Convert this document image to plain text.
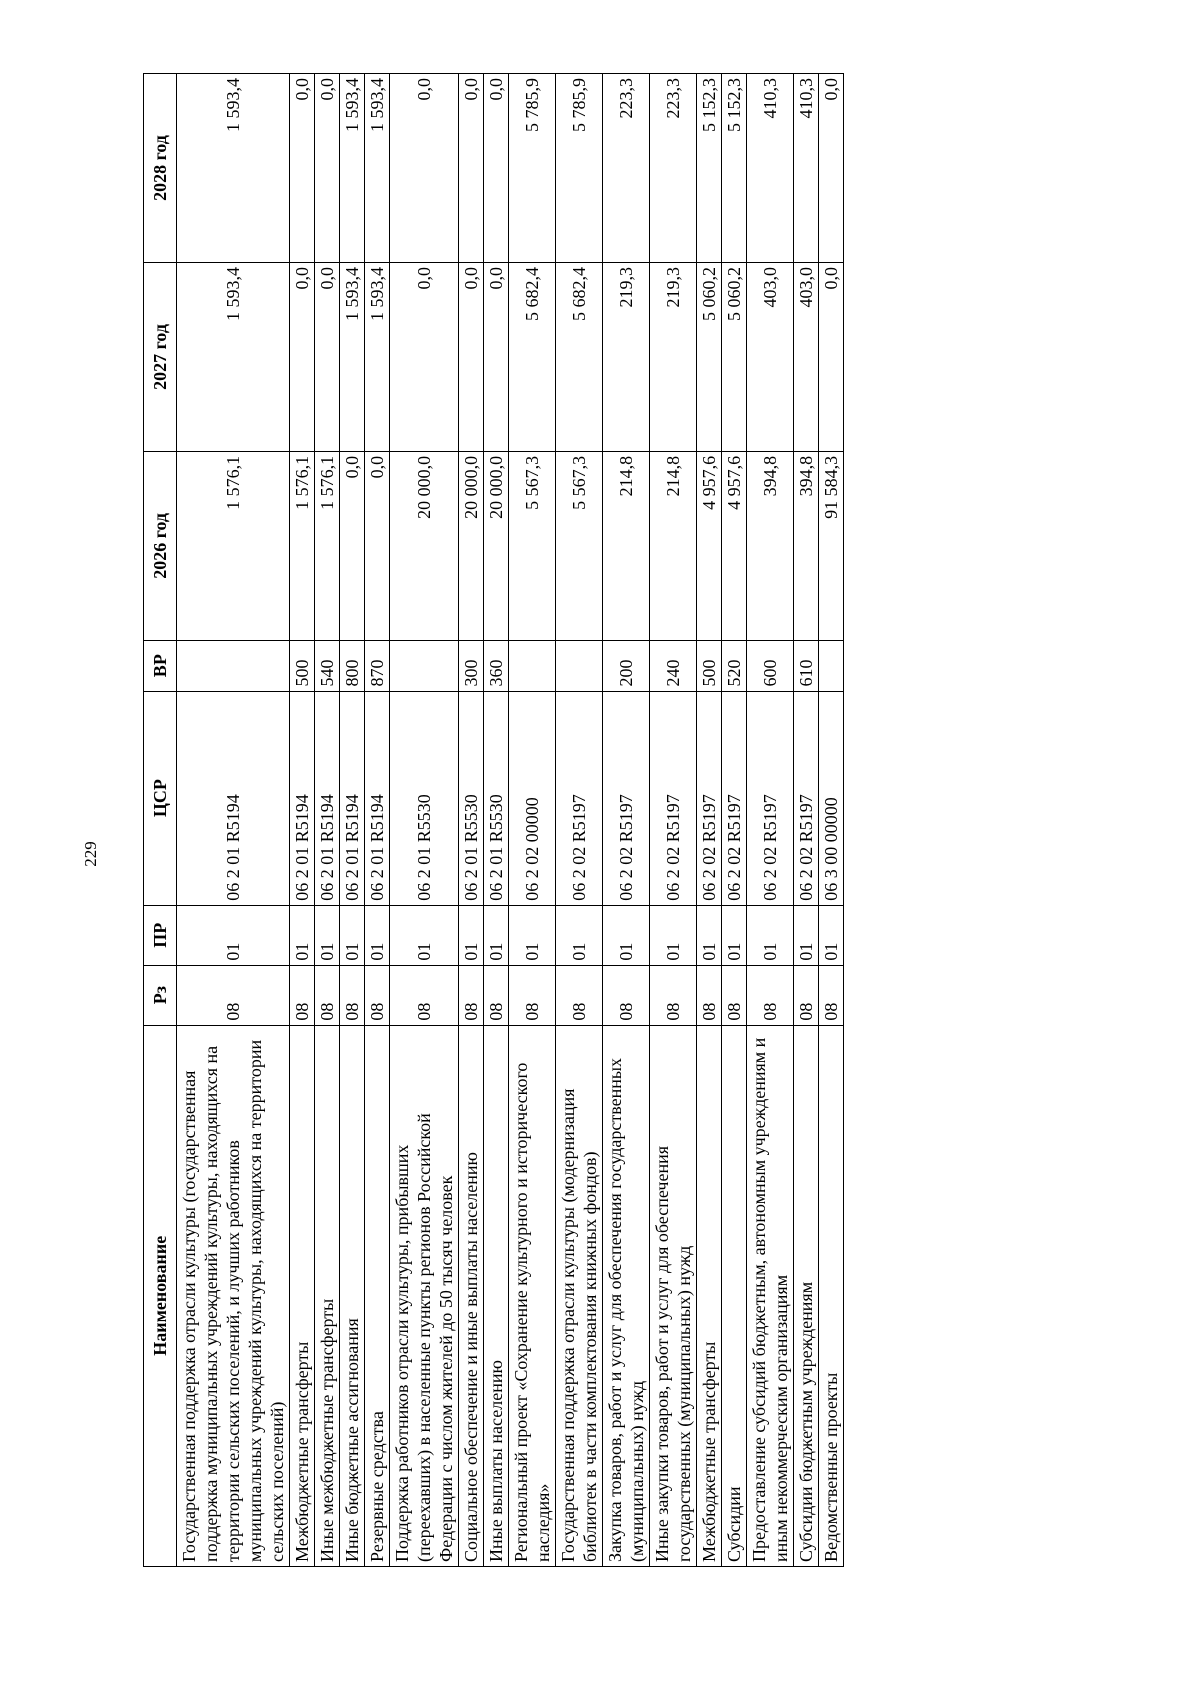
229
Наименование	Рз	ПР	ЦСР	ВР	2026 год	2027 год	2028 год
Государственная поддержка отрасли культуры (государственная поддержка муниципальных учреждений культуры, находящихся на территории сельских поселений, и лучших работников муниципальных учреждений культуры, находящихся на территории сельских поселений)	08	01	06 2 01 R5194		1 576,1	1 593,4	1 593,4
Межбюджетные трансферты	08	01	06 2 01 R5194	500	1 576,1	0,0	0,0
Иные межбюджетные трансферты	08	01	06 2 01 R5194	540	1 576,1	0,0	0,0
Иные бюджетные ассигнования	08	01	06 2 01 R5194	800	0,0	1 593,4	1 593,4
Резервные средства	08	01	06 2 01 R5194	870	0,0	1 593,4	1 593,4
Поддержка работников отрасли культуры, прибывших (переехавших) в населенные пункты регионов Российской Федерации с числом жителей до 50 тысяч человек	08	01	06 2 01 R5530		20 000,0	0,0	0,0
Социальное обеспечение и иные выплаты населению	08	01	06 2 01 R5530	300	20 000,0	0,0	0,0
Иные выплаты населению	08	01	06 2 01 R5530	360	20 000,0	0,0	0,0
Региональный проект «Сохранение культурного и исторического наследия»	08	01	06 2 02 00000		5 567,3	5 682,4	5 785,9
Государственная поддержка отрасли культуры (модернизация библиотек в части комплектования книжных фондов)	08	01	06 2 02 R5197		5 567,3	5 682,4	5 785,9
Закупка товаров, работ и услуг для обеспечения государственных (муниципальных) нужд	08	01	06 2 02 R5197	200	214,8	219,3	223,3
Иные закупки товаров, работ и услуг для обеспечения государственных (муниципальных) нужд	08	01	06 2 02 R5197	240	214,8	219,3	223,3
Межбюджетные трансферты	08	01	06 2 02 R5197	500	4 957,6	5 060,2	5 152,3
Субсидии	08	01	06 2 02 R5197	520	4 957,6	5 060,2	5 152,3
Предоставление субсидий бюджетным, автономным учреждениям и иным некоммерческим организациям	08	01	06 2 02 R5197	600	394,8	403,0	410,3
Субсидии бюджетным учреждениям	08	01	06 2 02 R5197	610	394,8	403,0	410,3
Ведомственные проекты	08	01	06 3 00 00000		91 584,3	0,0	0,0
